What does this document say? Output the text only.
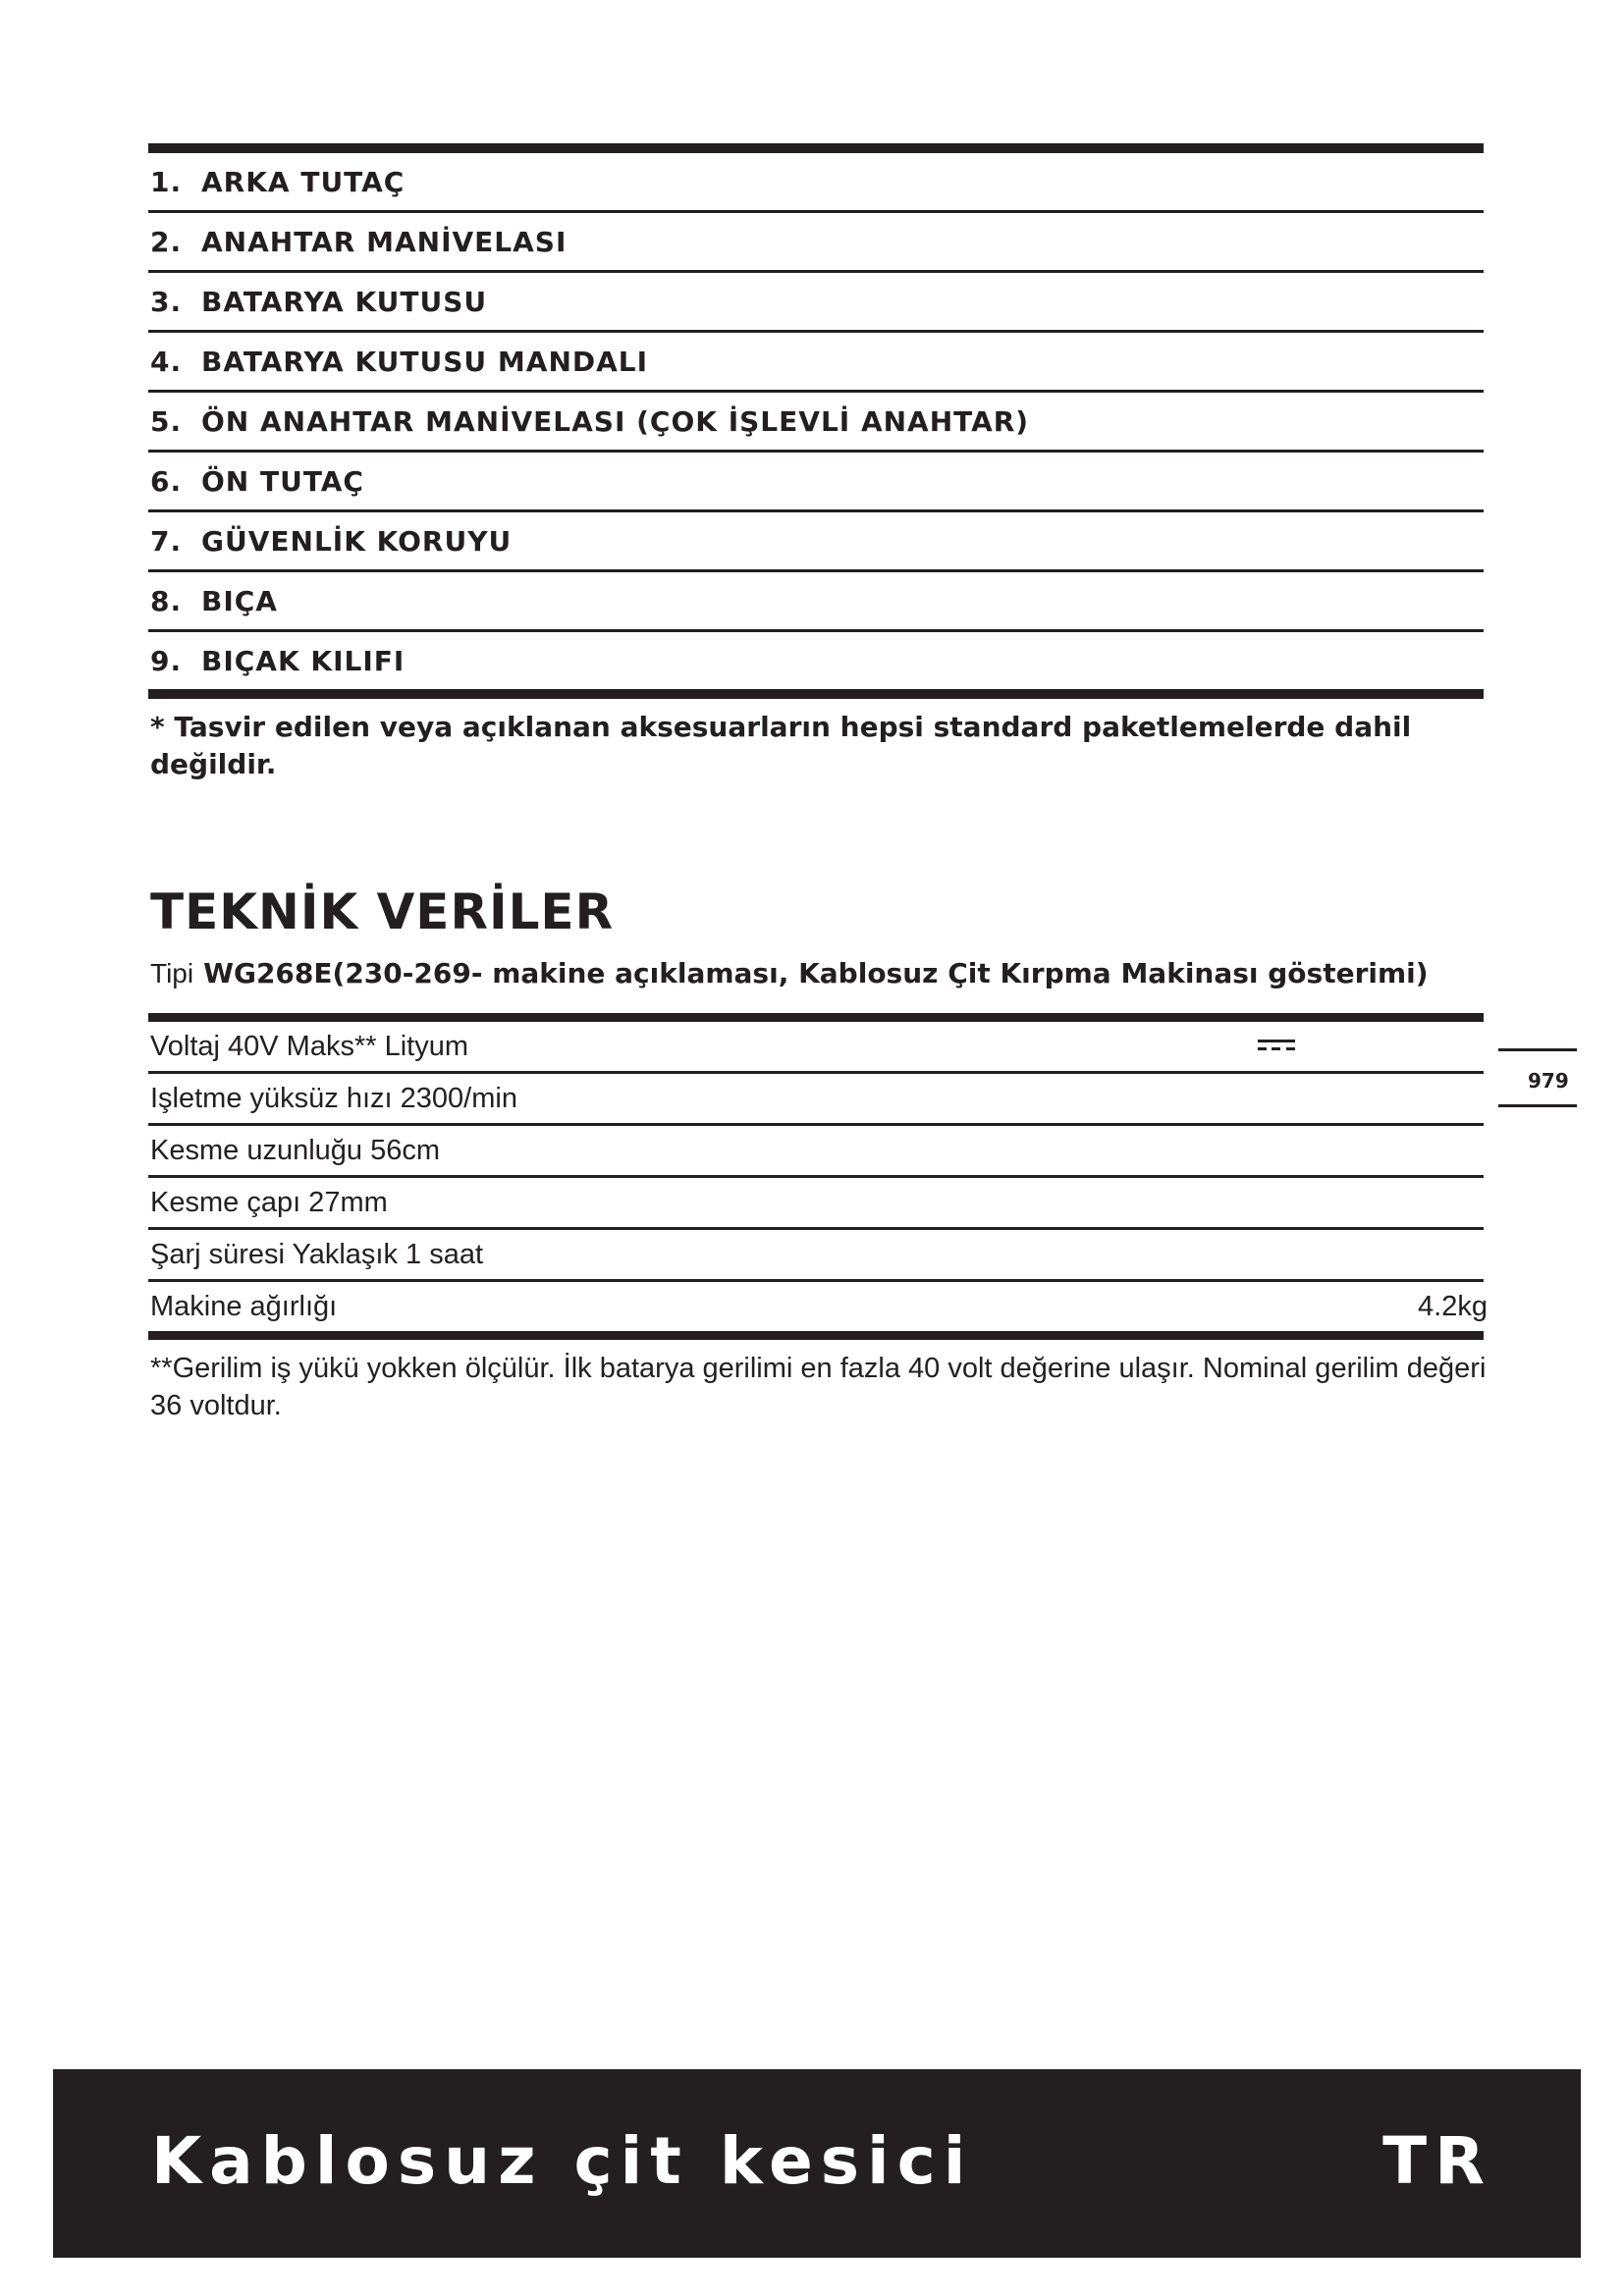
1. ARKA TUTAÇ
2. ANAHTAR MANİVELASI
3. BATARYA KUTUSU
4. BATARYA KUTUSU MANDALI
5. ÖN ANAHTAR MANİVELASI (ÇOK İŞLEVLİ ANAHTAR)
6. ÖN TUTAÇ
7. GÜVENLİK KORUYU
8. BIÇA
9. BIÇAK KILIFI
* Tasvir edilen veya açıklanan aksesuarların hepsi standard paketlemelerde dahil değildir.
TEKNİK VERİLER
Tipi WG268E(230-269- makine açıklaması, Kablosuz Çit Kırpma Makinası gösterimi)
Voltaj 40V Maks** Lityum
Işletme yüksüz hızı 2300/min
Kesme uzunluğu 56cm
Kesme çapı 27mm
Şarj süresi Yaklaşık 1 saat
Makine ağırlığı	4.2kg
979
**Gerilim iş yükü yokken ölçülür. İlk batarya gerilimi en fazla 40 volt değerine ulaşır. Nominal gerilim değeri 36 voltdur.
Kablosuz çit kesici	TR
